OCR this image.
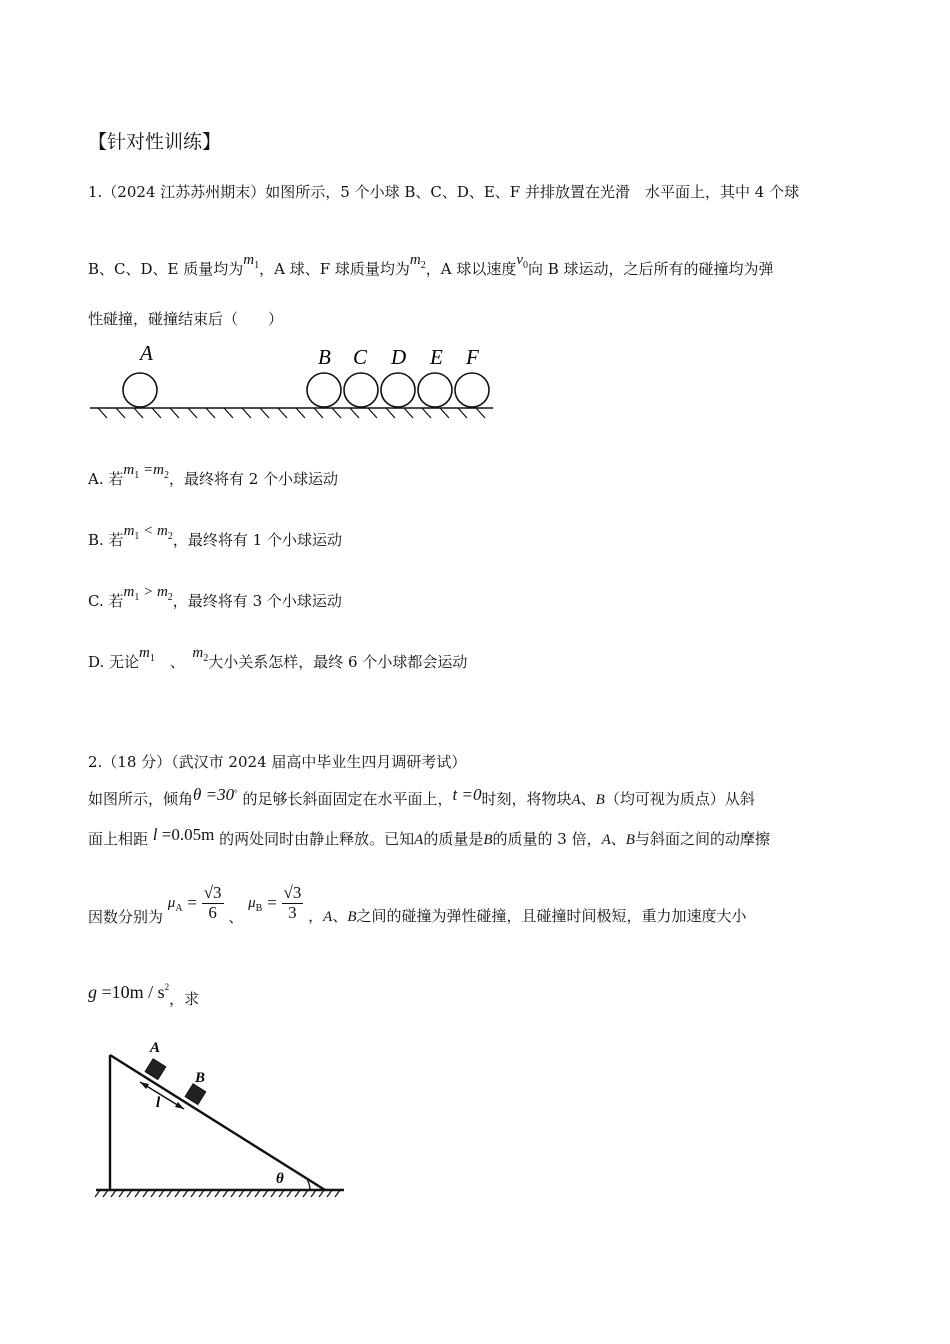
【针对性训练】
1.（2024 江苏苏州期末）如图所示，5 个小球 B、C、D、E、F 并排放置在光滑　水平面上，其中 4 个球
B、C、D、E 质量均为$m_1$，A 球、F 球质量均为$m_2$，A 球以速度$v_0$向 B 球运动，之后所有的碰撞均为弹
性碰撞，碰撞结束后（　　）
A	B C D E F
A. 若$m_1 =m_2$，最终将有 2 个小球运动
B. 若$m_1 < m_2$，最终将有 1 个小球运动
C. 若$m_1 > m_2$，最终将有 3 个小球运动
D. 无论$m_1$　 、　 $m_2$大小关系怎样，最终 6 个小球都会运动
2.（18 分）（武汉市 2024 届高中毕业生四月调研考试）
如图所示，倾角θ =30° 的足够长斜面固定在水平面上，t =0时刻，将物块A、B（均可视为质点）从斜
面上相距 l =0.05m 的两处同时由静止释放。已知A的质量是B的质量的 3 倍，A、B与斜面之间的动摩擦
因数分别为 $\mu_A = \frac{√3}{6}$ 、 $\mu_B = \frac{√3}{3}$ ，A、B之间的碰撞为弹性碰撞，且碰撞时间极短，重力加速度大小
$g =10m / s^2$，求
A
B
l
θ
